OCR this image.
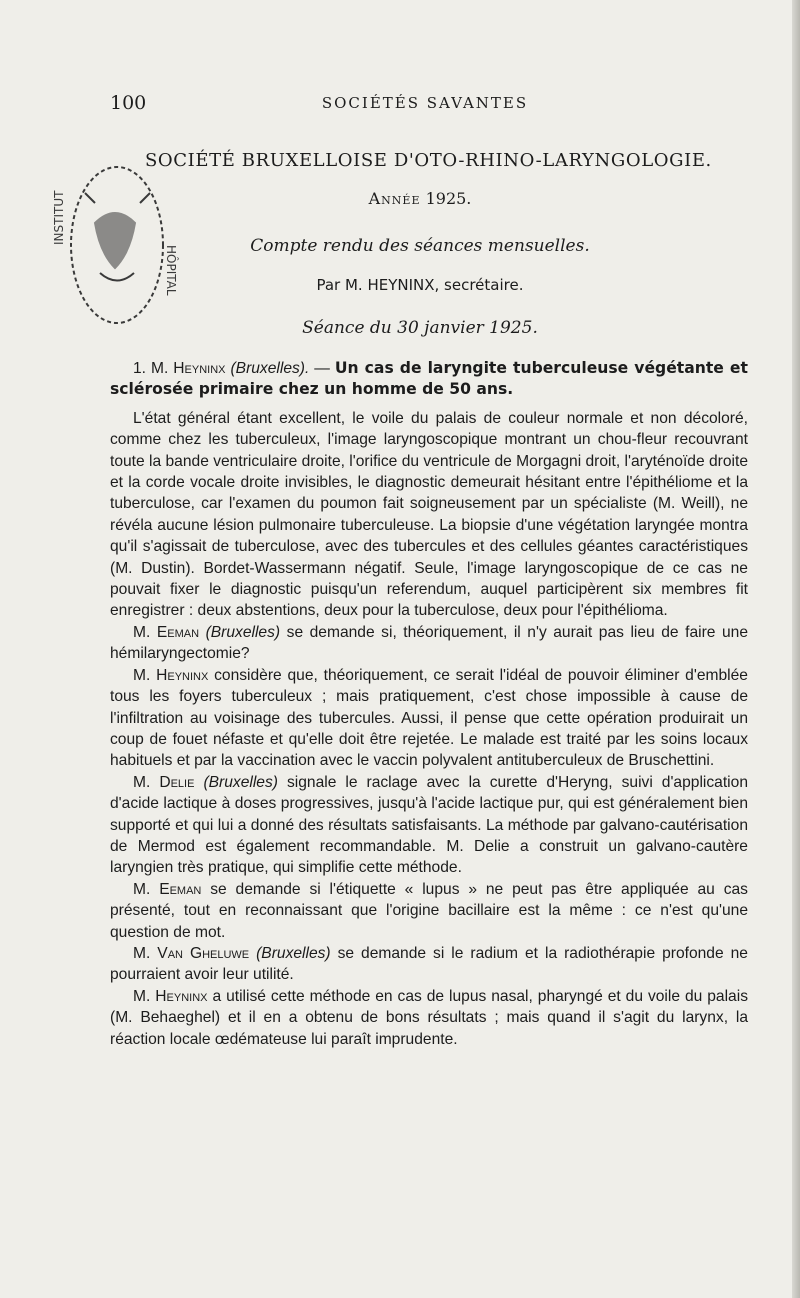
100	SOCIÉTÉS SAVANTES
INSTITUT
HÔPITAL
SOCIÉTÉ BRUXELLOISE D'OTO-RHINO-LARYNGOLOGIE.
Année 1925.
Compte rendu des séances mensuelles.
Par M. HEYNINX, secrétaire.
Séance du 30 janvier 1925.

1. M. Heyninx (Bruxelles). — Un cas de laryngite tuberculeuse végétante et sclérosée primaire chez un homme de 50 ans.

L'état général étant excellent, le voile du palais de couleur normale et non décoloré, comme chez les tuberculeux, l'image laryngoscopique montrant un chou-fleur recouvrant toute la bande ventriculaire droite, l'orifice du ventricule de Morgagni droit, l'aryténoïde droite et la corde vocale droite invisibles, le diagnostic demeurait hésitant entre l'épithéliome et la tuberculose, car l'examen du poumon fait soigneusement par un spécialiste (M. Weill), ne révéla aucune lésion pulmonaire tuberculeuse. La biopsie d'une végétation laryngée montra qu'il s'agissait de tuberculose, avec des tubercules et des cellules géantes caractéristiques (M. Dustin). Bordet-Wassermann négatif. Seule, l'image laryngoscopique de ce cas ne pouvait fixer le diagnostic puisqu'un referendum, auquel participèrent six membres fit enregistrer : deux abstentions, deux pour la tuberculose, deux pour l'épithélioma.

M. Eeman (Bruxelles) se demande si, théoriquement, il n'y aurait pas lieu de faire une hémilaryngectomie?

M. Heyninx considère que, théoriquement, ce serait l'idéal de pouvoir éliminer d'emblée tous les foyers tuberculeux ; mais pratiquement, c'est chose impossible à cause de l'infiltration au voisinage des tubercules. Aussi, il pense que cette opération produirait un coup de fouet néfaste et qu'elle doit être rejetée. Le malade est traité par les soins locaux habituels et par la vaccination avec le vaccin polyvalent antituberculeux de Bruschettini.

M. Delie (Bruxelles) signale le raclage avec la curette d'Heryng, suivi d'application d'acide lactique à doses progressives, jusqu'à l'acide lactique pur, qui est généralement bien supporté et qui lui a donné des résultats satisfaisants. La méthode par galvano-cautérisation de Mermod est également recommandable. M. Delie a construit un galvano-cautère laryngien très pratique, qui simplifie cette méthode.

M. Eeman se demande si l'étiquette « lupus » ne peut pas être appliquée au cas présenté, tout en reconnaissant que l'origine bacillaire est la même : ce n'est qu'une question de mot.

M. Van Gheluwe (Bruxelles) se demande si le radium et la radiothérapie profonde ne pourraient avoir leur utilité.

M. Heyninx a utilisé cette méthode en cas de lupus nasal, pharyngé et du voile du palais (M. Behaeghel) et il en a obtenu de bons résultats ; mais quand il s'agit du larynx, la réaction locale œdémateuse lui paraît imprudente.
